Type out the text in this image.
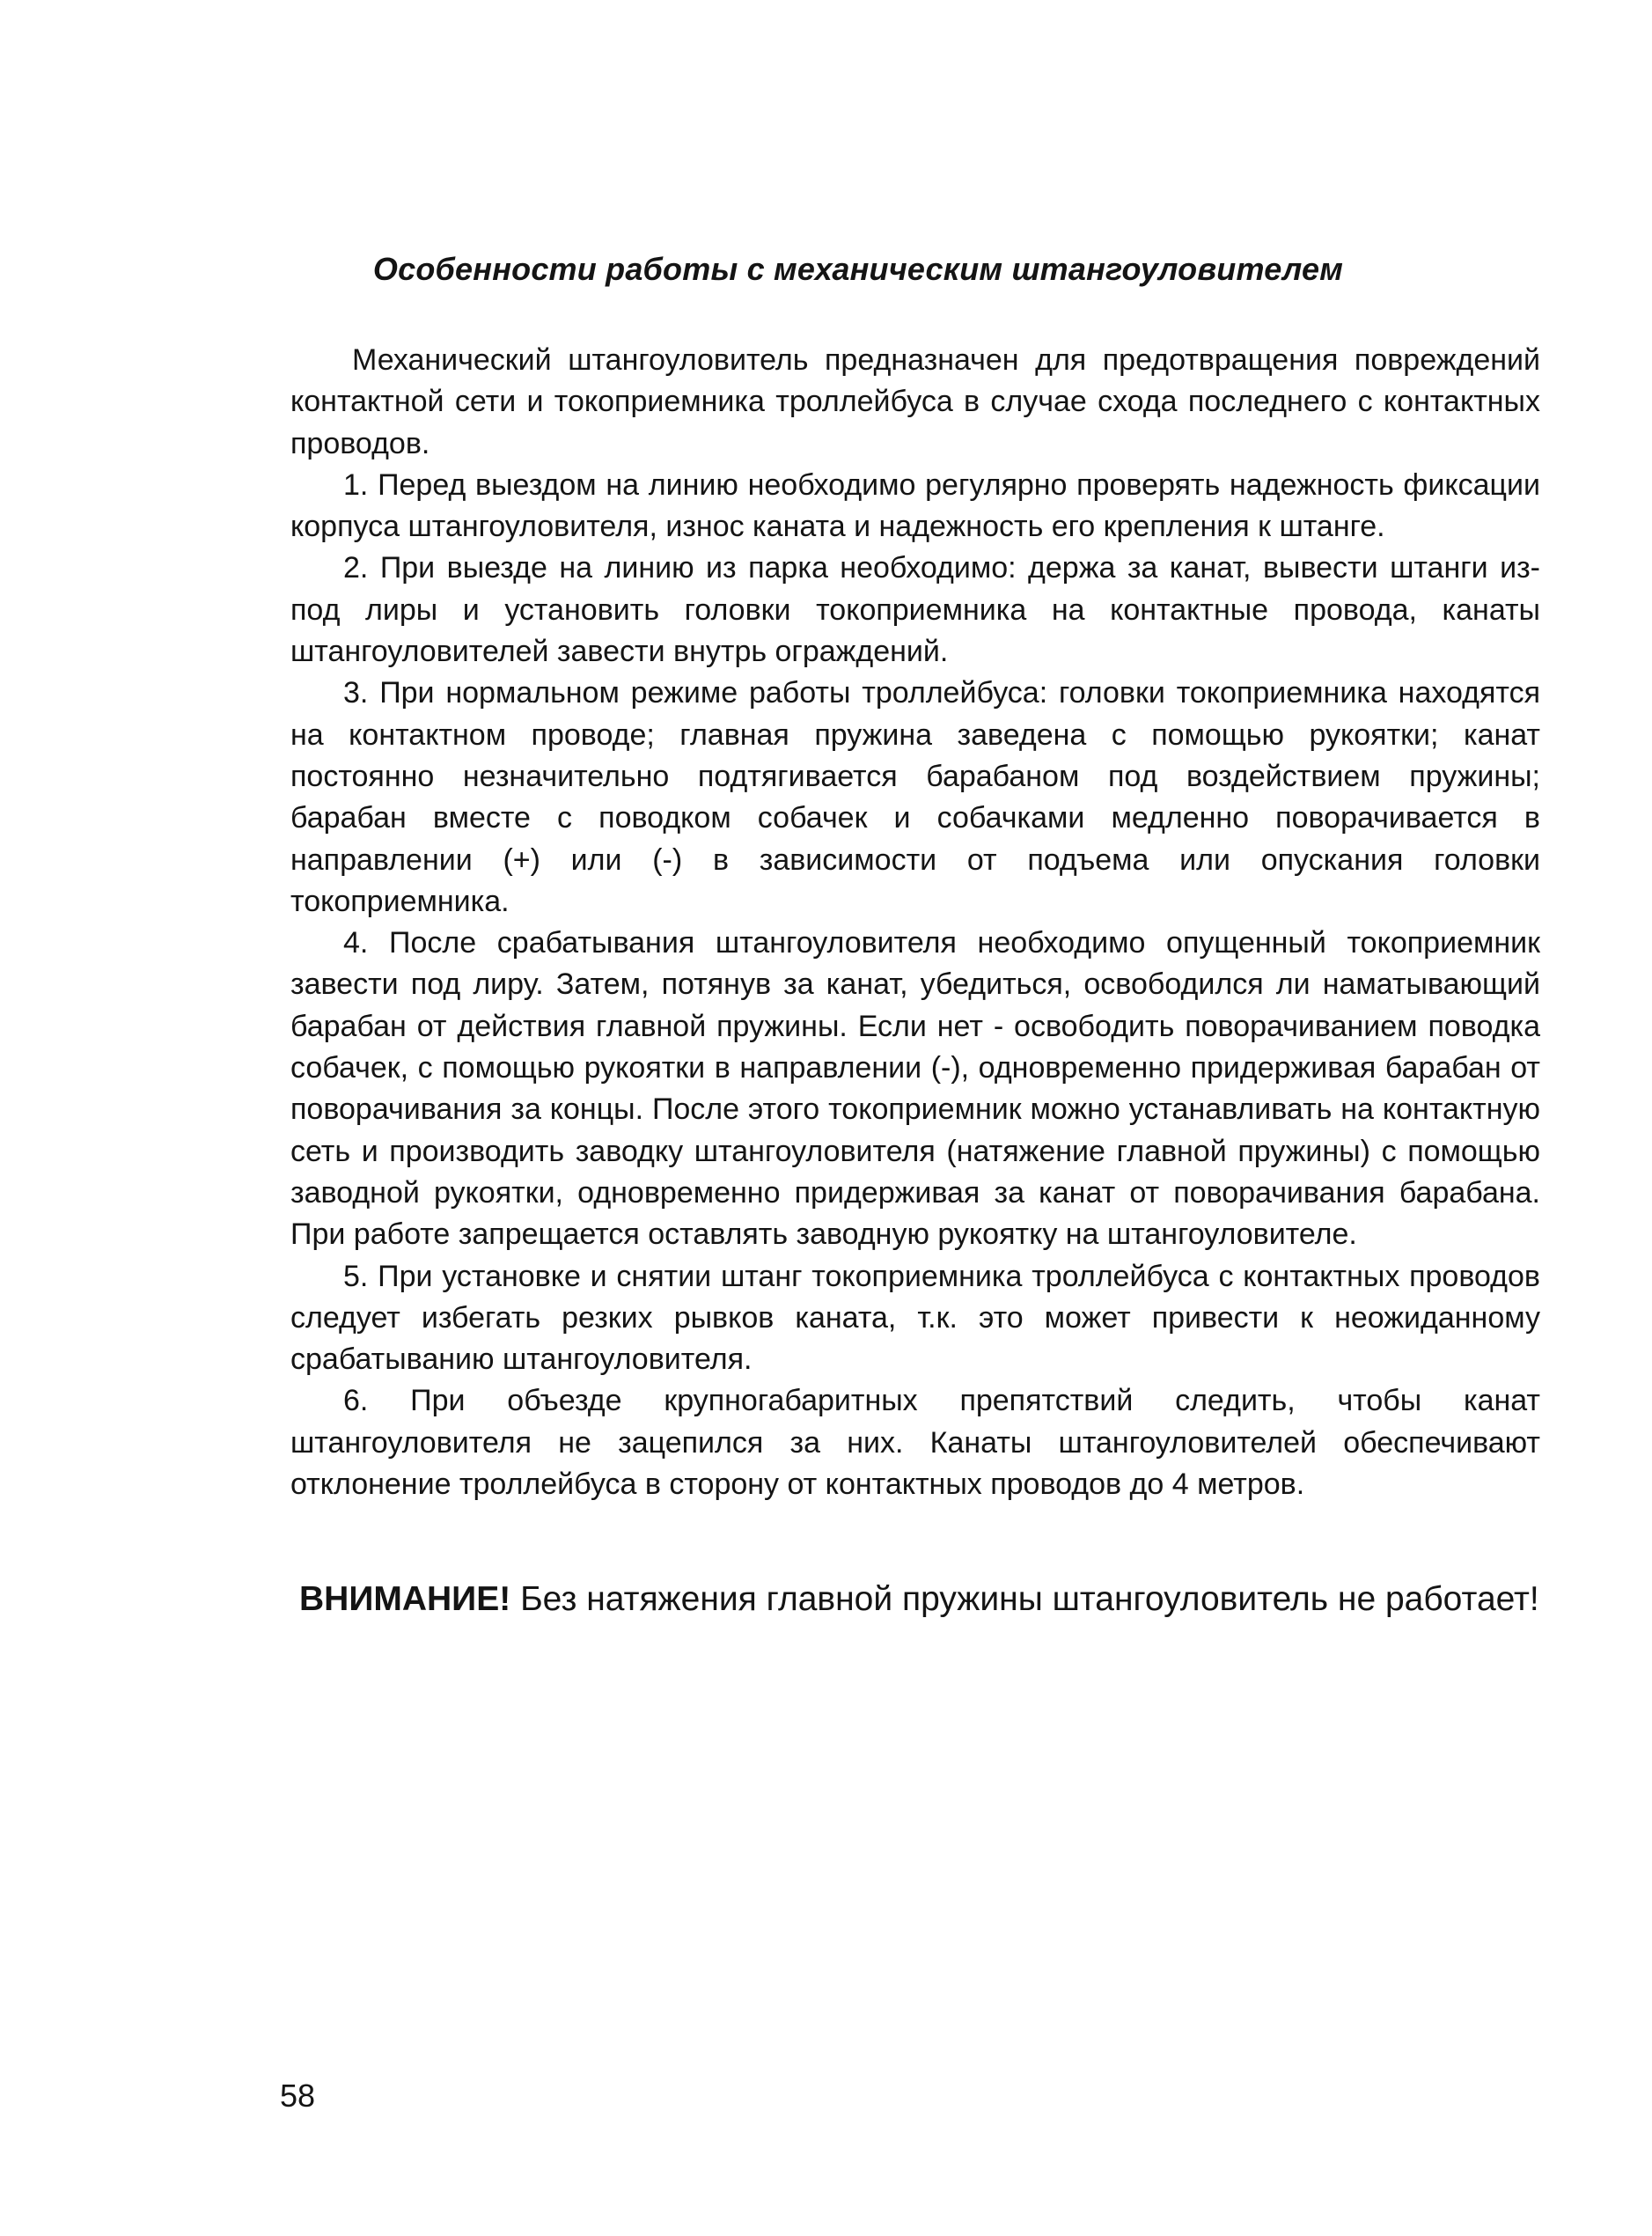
Особенности работы с механическим штангоуловителем

Механический штангоуловитель предназначен для предотвращения повреждений контактной сети и токоприемника троллейбуса в случае схода последнего с контактных проводов.

1. Перед выездом на линию необходимо регулярно проверять надежность фиксации корпуса штангоуловителя, износ каната и надежность его крепления к штанге.

2. При выезде на линию из парка необходимо: держа за канат, вывести штанги из-под лиры и установить головки токоприемника на контактные провода, канаты штангоуловителей завести внутрь ограждений.

3. При нормальном режиме работы троллейбуса: головки токоприемника находятся на контактном проводе; главная пружина заведена с помощью рукоятки; канат постоянно незначительно подтягивается барабаном под воздействием пружины; барабан вместе с поводком собачек и собачками медленно поворачивается в направлении (+) или (-) в зависимости от подъема или опускания головки токоприемника.

4. После срабатывания штангоуловителя необходимо опущенный токоприемник завести под лиру. Затем, потянув за канат, убедиться, освободился ли наматывающий барабан от действия главной пружины. Если нет - освободить поворачиванием поводка собачек, с помощью рукоятки в направлении (-), одновременно придерживая барабан от поворачивания за концы. После этого токоприемник можно устанавливать на контактную сеть и производить заводку штангоуловителя (натяжение главной пружины) с помощью заводной рукоятки, одновременно придерживая за канат от поворачивания барабана. При работе запрещается оставлять заводную рукоятку на штангоуловителе.

5. При установке и снятии штанг токоприемника троллейбуса с контактных проводов следует избегать резких рывков каната, т.к. это может привести к неожиданному срабатыванию штангоуловителя.

6. При объезде крупногабаритных препятствий следить, чтобы канат штангоуловителя не зацепился за них. Канаты штангоуловителей обеспечивают отклонение троллейбуса в сторону от контактных проводов до 4 метров.

ВНИМАНИЕ! Без натяжения главной пружины штангоуловитель не работает!
58
